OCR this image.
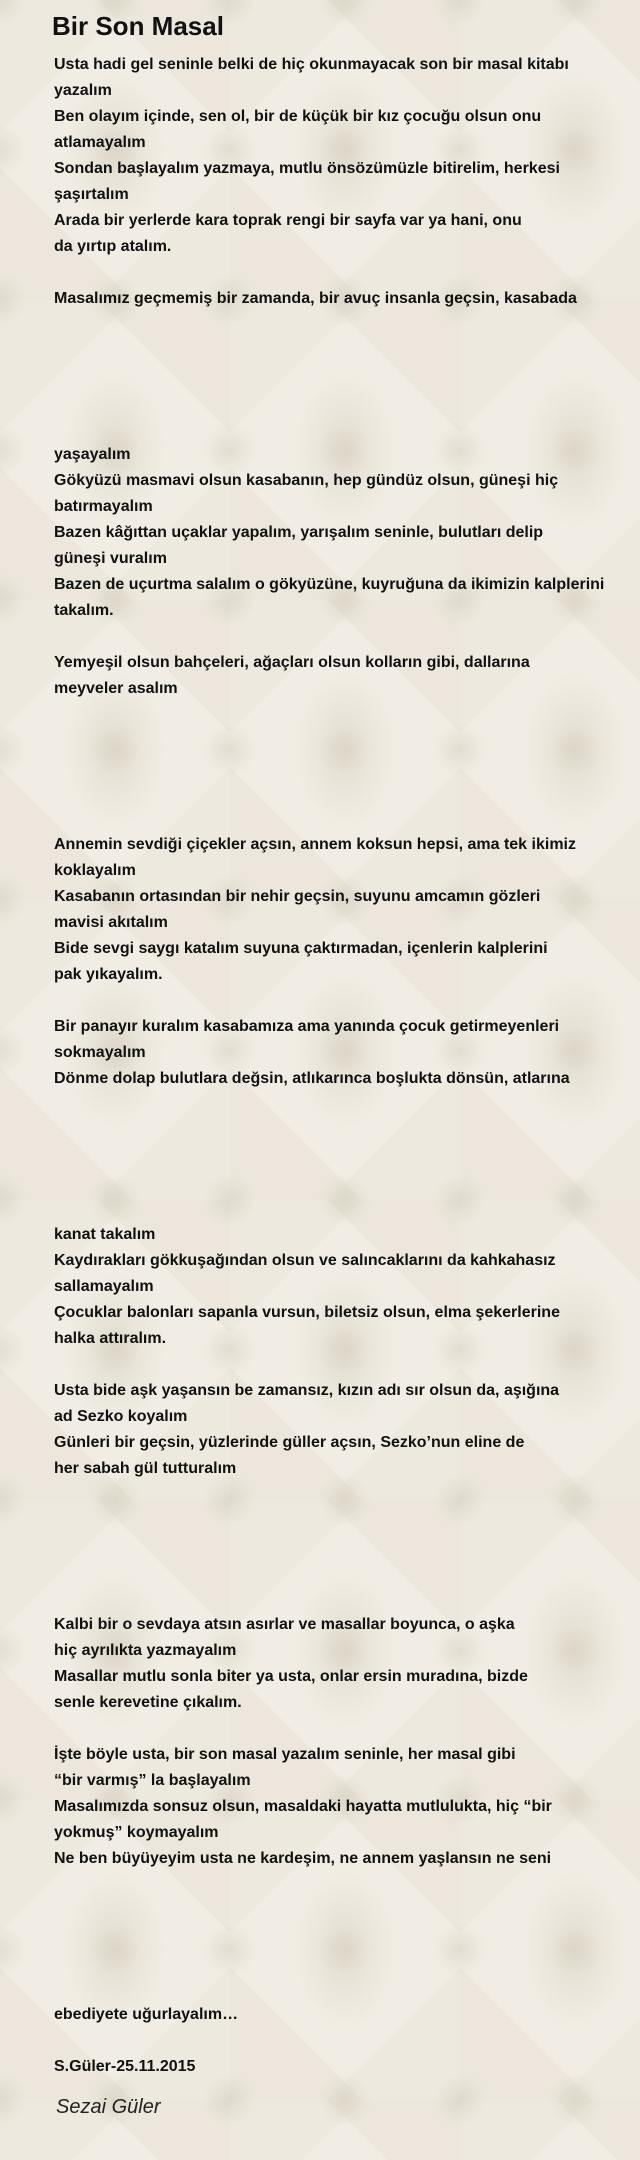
Bir Son Masal
Usta hadi gel seninle belki de hiç okunmayacak son bir masal kitabı
yazalım
Ben olayım içinde, sen ol, bir de küçük bir kız çocuğu olsun onu
atlamayalım
Sondan başlayalım yazmaya, mutlu önsözümüzle bitirelim, herkesi
şaşırtalım
Arada bir yerlerde kara toprak rengi bir sayfa var ya hani, onu
da yırtıp atalım.
Masalımız geçmemiş bir zamanda, bir avuç insanla geçsin, kasabada
yaşayalım
Gökyüzü masmavi olsun kasabanın, hep gündüz olsun, güneşi hiç
batırmayalım
Bazen kâğıttan uçaklar yapalım, yarışalım seninle, bulutları delip
güneşi vuralım
Bazen de uçurtma salalım o gökyüzüne, kuyruğuna da ikimizin kalplerini
takalım.
Yemyeşil olsun bahçeleri, ağaçları olsun kolların gibi, dallarına
meyveler asalım
Annemin sevdiği çiçekler açsın, annem koksun hepsi, ama tek ikimiz
koklayalım
Kasabanın ortasından bir nehir geçsin, suyunu amcamın gözleri
mavisi akıtalım
Bide sevgi saygı katalım suyuna çaktırmadan, içenlerin kalplerini
pak yıkayalım.
Bir panayır kuralım kasabamıza ama yanında çocuk getirmeyenleri
sokmayalım
Dönme dolap bulutlara değsin, atlıkarınca boşlukta dönsün, atlarına
kanat takalım
Kaydırakları gökkuşağından olsun ve salıncaklarını da kahkahasız
sallamayalım
Çocuklar balonları sapanla vursun, biletsiz olsun, elma şekerlerine
halka attıralım.
Usta bide aşk yaşansın be zamansız, kızın adı sır olsun da, aşığına
ad Sezko koyalım
Günleri bir geçsin, yüzlerinde güller açsın, Sezko’nun eline de
her sabah gül tutturalım
Kalbi bir o sevdaya atsın asırlar ve masallar boyunca, o aşka
hiç ayrılıkta yazmayalım
Masallar mutlu sonla biter ya usta, onlar ersin muradına, bizde
senle kerevetine çıkalım.
İşte böyle usta, bir son masal yazalım seninle, her masal gibi
“bir varmış” la başlayalım
Masalımızda sonsuz olsun, masaldaki hayatta mutlulukta, hiç “bir
yokmuş” koymayalım
Ne ben büyüyeyim usta ne kardeşim, ne annem yaşlansın ne seni
ebediyete uğurlayalım…
S.Güler-25.11.2015
Sezai Güler
